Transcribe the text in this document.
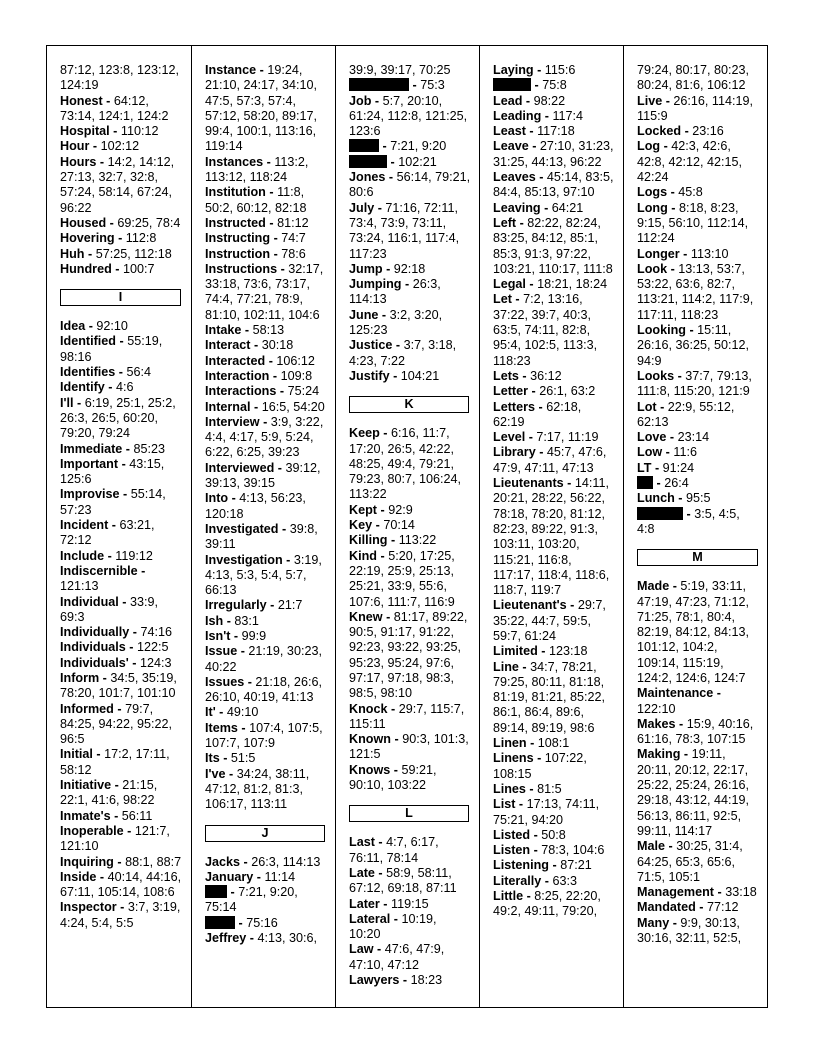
87:12, 123:8, 123:12, 124:19
Honest - 64:12, 73:14, 124:1, 124:2
Hospital - 110:12
Hour - 102:12
Hours - 14:2, 14:12, 27:13, 32:7, 32:8, 57:24, 58:14, 67:24, 96:22
Housed - 69:25, 78:4
Hovering - 112:8
Huh - 57:25, 112:18
Hundred - 100:7
I
Idea - 92:10
Identified - 55:19, 98:16
Identifies - 56:4
Identify - 4:6
I'll - 6:19, 25:1, 25:2, 26:3, 26:5, 60:20, 79:20, 79:24
Immediate - 85:23
Important - 43:15, 125:6
Improvise - 55:14, 57:23
Incident - 63:21, 72:12
Include - 119:12
Indiscernible - 121:13
Individual - 33:9, 69:3
Individually - 74:16
Individuals - 122:5
Individuals' - 124:3
Inform - 34:5, 35:19, 78:20, 101:7, 101:10
Informed - 79:7, 84:25, 94:22, 95:22, 96:5
Initial - 17:2, 17:11, 58:12
Initiative - 21:15, 22:1, 41:6, 98:22
Inmate's - 56:11
Inoperable - 121:7, 121:10
Inquiring - 88:1, 88:7
Inside - 40:14, 44:16, 67:11, 105:14, 108:6
Inspector - 3:7, 3:19, 4:24, 5:4, 5:5
Instance - 19:24, 21:10, 24:17, 34:10, 47:5, 57:3, 57:4, 57:12, 58:20, 89:17, 99:4, 100:1, 113:16, 119:14
Instances - 113:2, 113:12, 118:24
Institution - 11:8, 50:2, 60:12, 82:18
Instructed - 81:12
Instructing - 74:7
Instruction - 78:6
Instructions - 32:17, 33:18, 73:6, 73:17, 74:4, 77:21, 78:9, 81:10, 102:11, 104:6
Intake - 58:13
Interact - 30:18
Interacted - 106:12
Interaction - 109:8
Interactions - 75:24
Internal - 16:5, 54:20
Interview - 3:9, 3:22, 4:4, 4:17, 5:9, 5:24, 6:22, 6:25, 39:23
Interviewed - 39:12, 39:13, 39:15
Into - 4:13, 56:23, 120:18
Investigated - 39:8, 39:11
Investigation - 3:19, 4:13, 5:3, 5:4, 5:7, 66:13
Irregularly - 21:7
Ish - 83:1
Isn't - 99:9
Issue - 21:19, 30:23, 40:22
Issues - 21:18, 26:6, 26:10, 40:19, 41:13
It' - 49:10
Items - 107:4, 107:5, 107:7, 107:9
Its - 51:5
I've - 34:24, 38:11, 47:12, 81:2, 81:3, 106:17, 113:11
J
Jacks - 26:3, 114:13
January - 11:14
- 7:21, 9:20, 75:14
- 75:16
Jeffrey - 4:13, 30:6,
39:9, 39:17, 70:25
- 75:3
Job - 5:7, 20:10, 61:24, 112:8, 121:25, 123:6
- 7:21, 9:20
- 102:21
Jones - 56:14, 79:21, 80:6
July - 71:16, 72:11, 73:4, 73:9, 73:11, 73:24, 116:1, 117:4, 117:23
Jump - 92:18
Jumping - 26:3, 114:13
June - 3:2, 3:20, 125:23
Justice - 3:7, 3:18, 4:23, 7:22
Justify - 104:21
K
Keep - 6:16, 11:7, 17:20, 26:5, 42:22, 48:25, 49:4, 79:21, 79:23, 80:7, 106:24, 113:22
Kept - 92:9
Key - 70:14
Killing - 113:22
Kind - 5:20, 17:25, 22:19, 25:9, 25:13, 25:21, 33:9, 55:6, 107:6, 111:7, 116:9
Knew - 81:17, 89:22, 90:5, 91:17, 91:22, 92:23, 93:22, 93:25, 95:23, 95:24, 97:6, 97:17, 97:18, 98:3, 98:5, 98:10
Knock - 29:7, 115:7, 115:11
Known - 90:3, 101:3, 121:5
Knows - 59:21, 90:10, 103:22
L
Last - 4:7, 6:17, 76:11, 78:14
Late - 58:9, 58:11, 67:12, 69:18, 87:11
Later - 119:15
Lateral - 10:19, 10:20
Law - 47:6, 47:9, 47:10, 47:12
Lawyers - 18:23
Laying - 115:6
- 75:8
Lead - 98:22
Leading - 117:4
Least - 117:18
Leave - 27:10, 31:23, 31:25, 44:13, 96:22
Leaves - 45:14, 83:5, 84:4, 85:13, 97:10
Leaving - 64:21
Left - 82:22, 82:24, 83:25, 84:12, 85:1, 85:3, 91:3, 97:22, 103:21, 110:17, 111:8
Legal - 18:21, 18:24
Let - 7:2, 13:16, 37:22, 39:7, 40:3, 63:5, 74:11, 82:8, 95:4, 102:5, 113:3, 118:23
Lets - 36:12
Letter - 26:1, 63:2
Letters - 62:18, 62:19
Level - 7:17, 11:19
Library - 45:7, 47:6, 47:9, 47:11, 47:13
Lieutenants - 14:11, 20:21, 28:22, 56:22, 78:18, 78:20, 81:12, 82:23, 89:22, 91:3, 103:11, 103:20, 115:21, 116:8, 117:17, 118:4, 118:6, 118:7, 119:7
Lieutenant's - 29:7, 35:22, 44:7, 59:5, 59:7, 61:24
Limited - 123:18
Line - 34:7, 78:21, 79:25, 80:11, 81:18, 81:19, 81:21, 85:22, 86:1, 86:4, 89:6, 89:14, 89:19, 98:6
Linen - 108:1
Linens - 107:22, 108:15
Lines - 81:5
List - 17:13, 74:11, 75:21, 94:20
Listed - 50:8
Listen - 78:3, 104:6
Listening - 87:21
Literally - 63:3
Little - 8:25, 22:20, 49:2, 49:11, 79:20,
79:24, 80:17, 80:23, 80:24, 81:6, 106:12
Live - 26:16, 114:19, 115:9
Locked - 23:16
Log - 42:3, 42:6, 42:8, 42:12, 42:15, 42:24
Logs - 45:8
Long - 8:18, 8:23, 9:15, 56:10, 112:14, 112:24
Longer - 113:10
Look - 13:13, 53:7, 53:22, 63:6, 82:7, 113:21, 114:2, 117:9, 117:11, 118:23
Looking - 15:11, 26:16, 36:25, 50:12, 94:9
Looks - 37:7, 79:13, 111:8, 115:20, 121:9
Lot - 22:9, 55:12, 62:13
Love - 23:14
Low - 11:6
LT - 91:24
- 26:4
Lunch - 95:5
- 3:5, 4:5, 4:8
M
Made - 5:19, 33:11, 47:19, 47:23, 71:12, 71:25, 78:1, 80:4, 82:19, 84:12, 84:13, 101:12, 104:2, 109:14, 115:19, 124:2, 124:6, 124:7
Maintenance - 122:10
Makes - 15:9, 40:16, 61:16, 78:3, 107:15
Making - 19:11, 20:11, 20:12, 22:17, 25:22, 25:24, 26:16, 29:18, 43:12, 44:19, 56:13, 86:11, 92:5, 99:11, 114:17
Male - 30:25, 31:4, 64:25, 65:3, 65:6, 71:5, 105:1
Management - 33:18
Mandated - 77:12
Many - 9:9, 30:13, 30:16, 32:11, 52:5,
